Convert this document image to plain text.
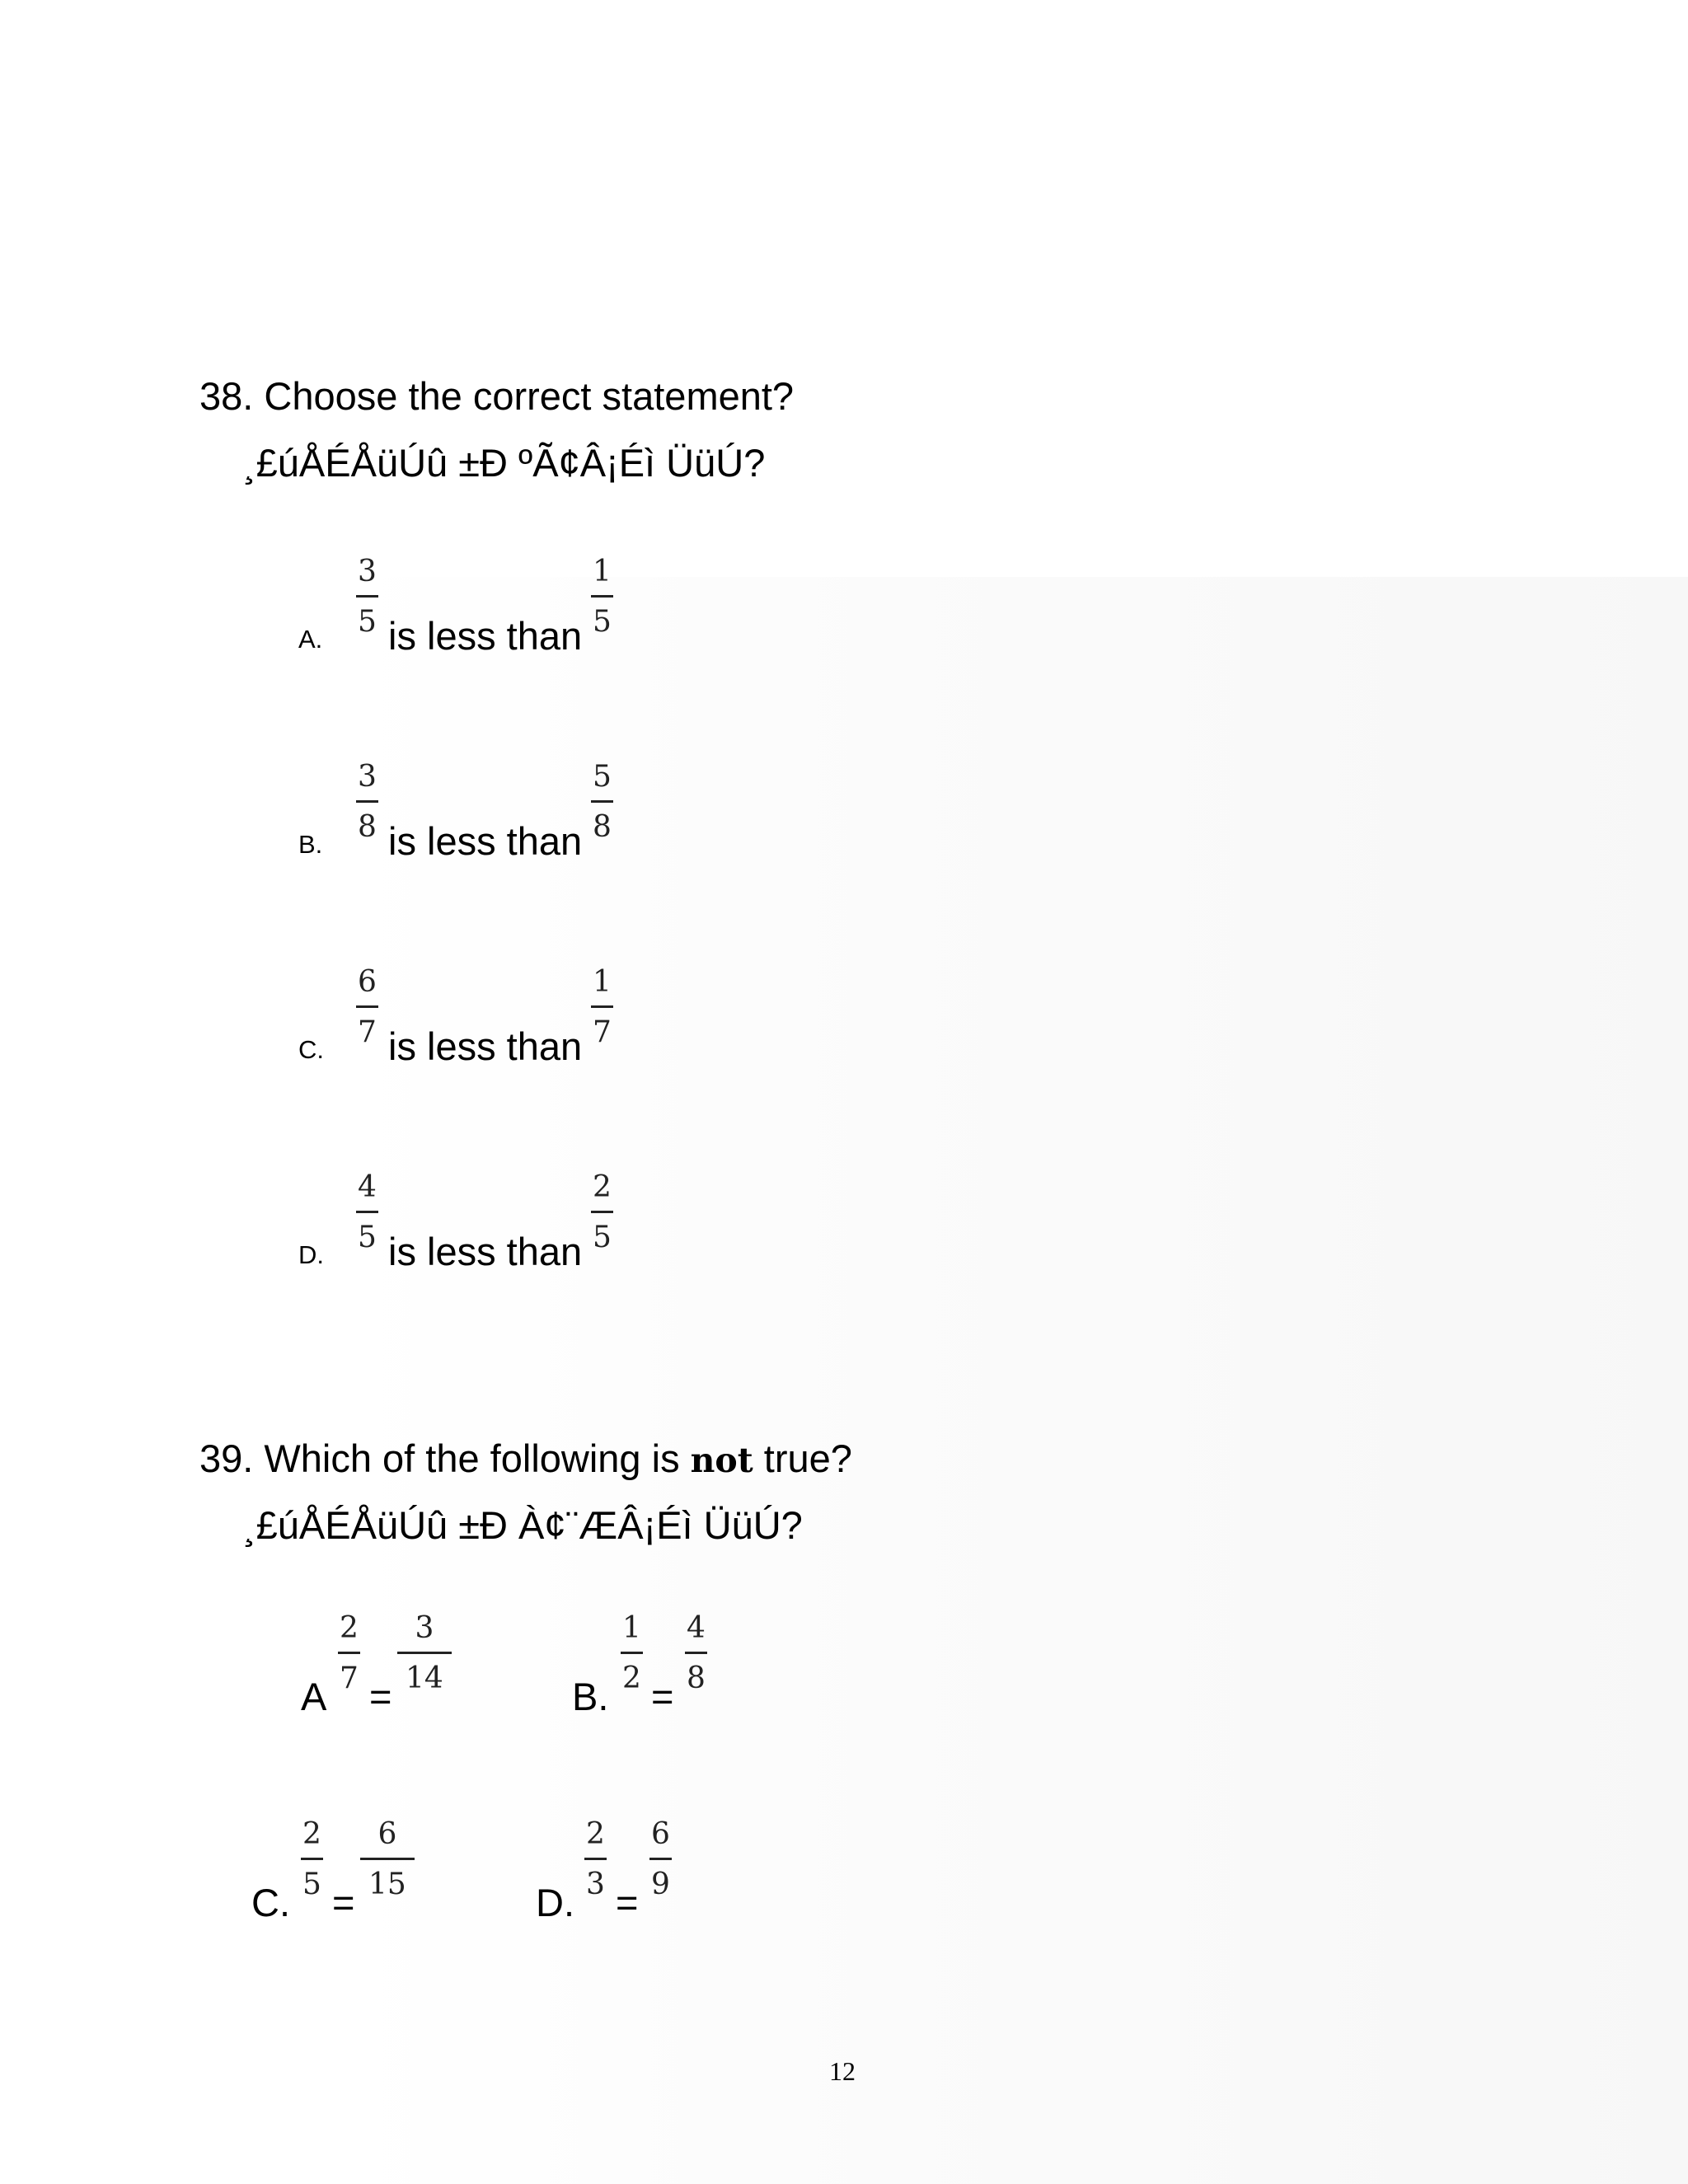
38. Choose the correct statement?
¸£úÅÉÅüÚû ±Ð ºÃ¢Â¡Éì ÜüÚ?
A.
3
5 is less than
1
5
B.
3
8 is less than
5
8
C.
6
7 is less than
1
7
D.
4
5 is less than
2
5
39. Which of the following is not true?
¸£úÅÉÅüÚû ±Ð À¢¨ÆÂ¡Éì ÜüÚ?
A
2
7 =
3
14	B.
1
2 =
4
8
C.
2
5 =
6
15	D.
2
3 =
6
9
12
